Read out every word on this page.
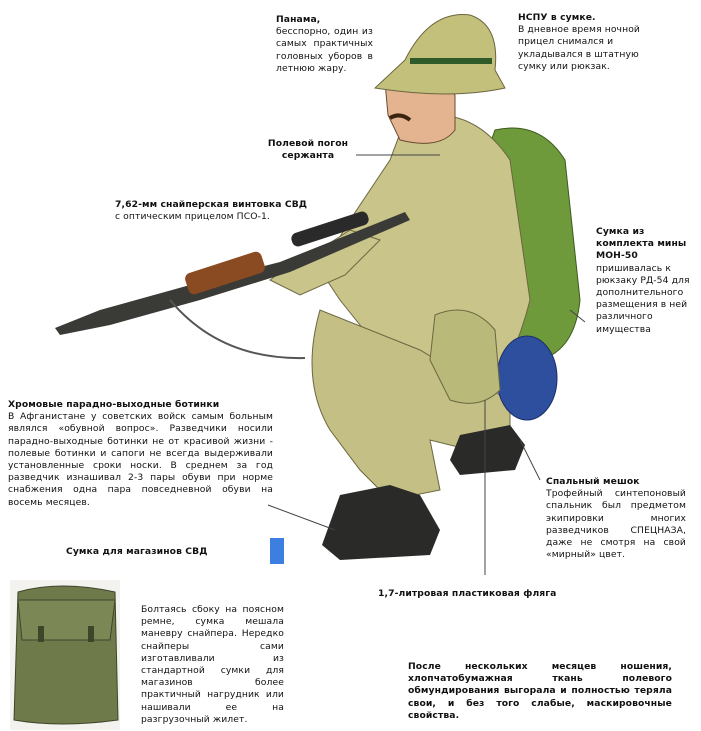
Панама, бесспорно, один из самых практичных головных уборов в летнюю жару.
НСПУ в сумке.
В дневное время ночной прицел снимался и укладывался в штатную сумку или рюкзак.
Полевой погон сержанта
7,62-мм снайперская винтовка СВД
с оптическим прицелом ПСО-1.
Сумка из комплекта мины МОН-50
пришивалась к рюкзаку РД-54 для дополнительного размещения в ней различного имущества
Хромовые парадно-выходные ботинки
В Афганистане у советских войск самым больным являлся «обувной вопрос». Разведчики носили парадно-выходные ботинки не от красивой жизни - полевые ботинки и сапоги не всегда выдерживали установленные сроки носки. В среднем за год разведчик изнашивал 2-3 пары обуви при норме снабжения одна пара повседневной обуви на восемь месяцев.
Спальный мешок
Трофейный синтепоновый спальник был предметом экипировки многих разведчиков СПЕЦНАЗА, даже не смотря на свой «мирный» цвет.
Сумка для магазинов СВД
Болтаясь сбоку на поясном ремне, сумка мешала маневру снайпера. Нередко снайперы сами изготавливали из стандартной сумки для магазинов более практичный нагрудник или нашивали ее на разгрузочный жилет.
1,7-литровая пластиковая фляга
После нескольких месяцев ношения, хлопчатобумажная ткань полевого обмундирования выгорала и полностью теряла свои, и без того слабые, маскировочные свойства.
